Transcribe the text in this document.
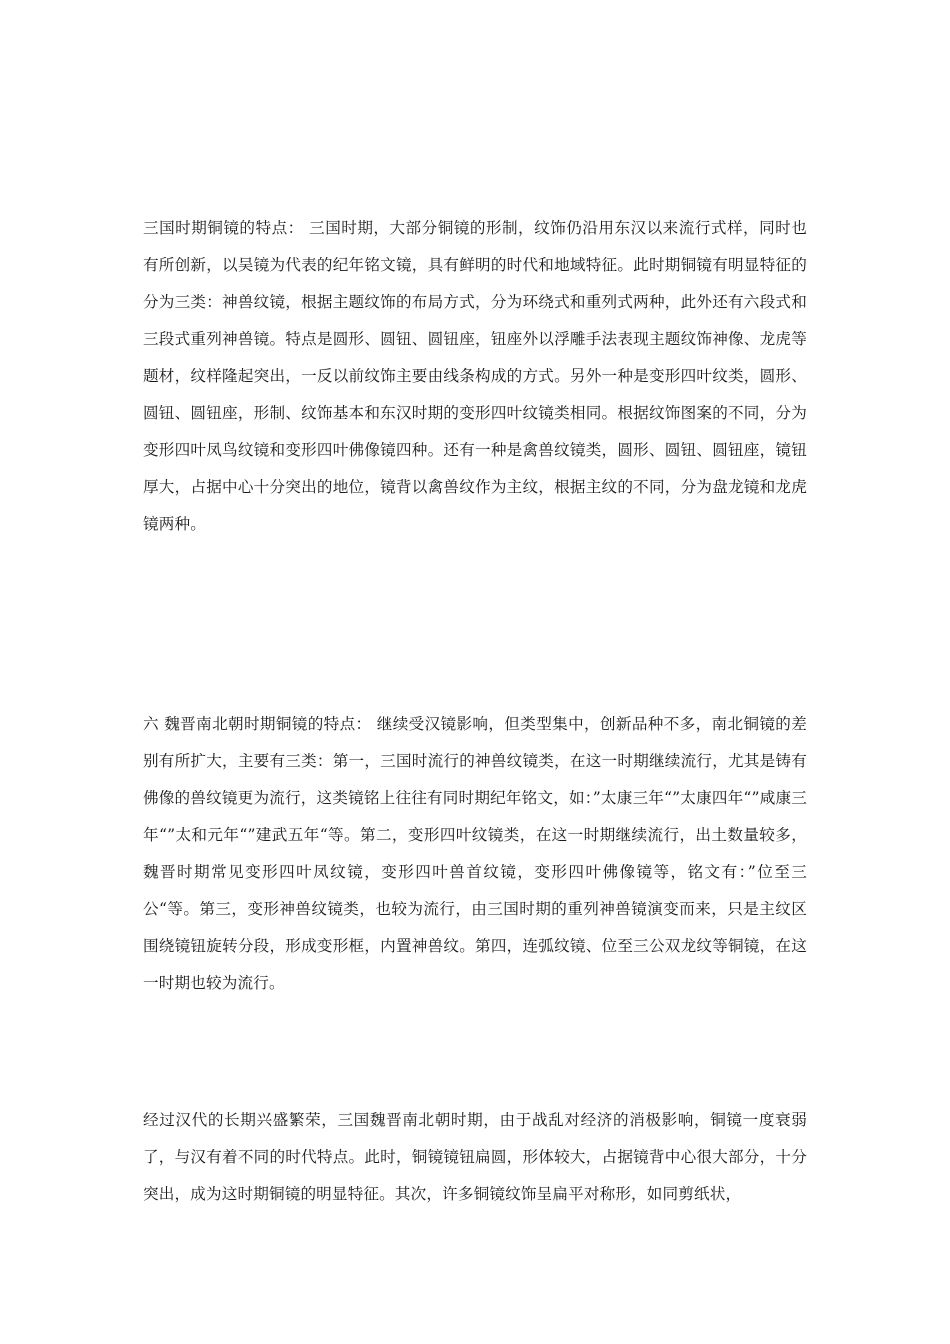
三国时期铜镜的特点： 三国时期，大部分铜镜的形制，纹饰仍沿用东汉以来流行式样，同时也有所创新，以吴镜为代表的纪年铭文镜，具有鲜明的时代和地域特征。此时期铜镜有明显特征的分为三类：神兽纹镜，根据主题纹饰的布局方式，分为环绕式和重列式两种，此外还有六段式和三段式重列神兽镜。特点是圆形、圆钮、圆钮座，钮座外以浮雕手法表现主题纹饰神像、龙虎等题材，纹样隆起突出，一反以前纹饰主要由线条构成的方式。另外一种是变形四叶纹类，圆形、圆钮、圆钮座，形制、纹饰基本和东汉时期的变形四叶纹镜类相同。根据纹饰图案的不同，分为变形四叶凤鸟纹镜和变形四叶佛像镜四种。还有一种是禽兽纹镜类，圆形、圆钮、圆钮座，镜钮厚大，占据中心十分突出的地位，镜背以禽兽纹作为主纹，根据主纹的不同，分为盘龙镜和龙虎镜两种。

六 魏晋南北朝时期铜镜的特点： 继续受汉镜影响，但类型集中，创新品种不多，南北铜镜的差别有所扩大，主要有三类：第一，三国时流行的神兽纹镜类，在这一时期继续流行，尤其是铸有佛像的兽纹镜更为流行，这类镜铭上往往有同时期纪年铭文，如：”太康三年“”太康四年“”咸康三年“”太和元年“”建武五年“等。第二，变形四叶纹镜类，在这一时期继续流行，出土数量较多，魏晋时期常见变形四叶凤纹镜，变形四叶兽首纹镜，变形四叶佛像镜等，铭文有：”位至三公“等。第三，变形神兽纹镜类，也较为流行，由三国时期的重列神兽镜演变而来，只是主纹区围绕镜钮旋转分段，形成变形框，内置神兽纹。第四，连弧纹镜、位至三公双龙纹等铜镜，在这一时期也较为流行。

经过汉代的长期兴盛繁荣，三国魏晋南北朝时期，由于战乱对经济的消极影响，铜镜一度衰弱了，与汉有着不同的时代特点。此时，铜镜镜钮扁圆，形体较大，占据镜背中心很大部分，十分突出，成为这时期铜镜的明显特征。其次，许多铜镜纹饰呈扁平对称形，如同剪纸状，
